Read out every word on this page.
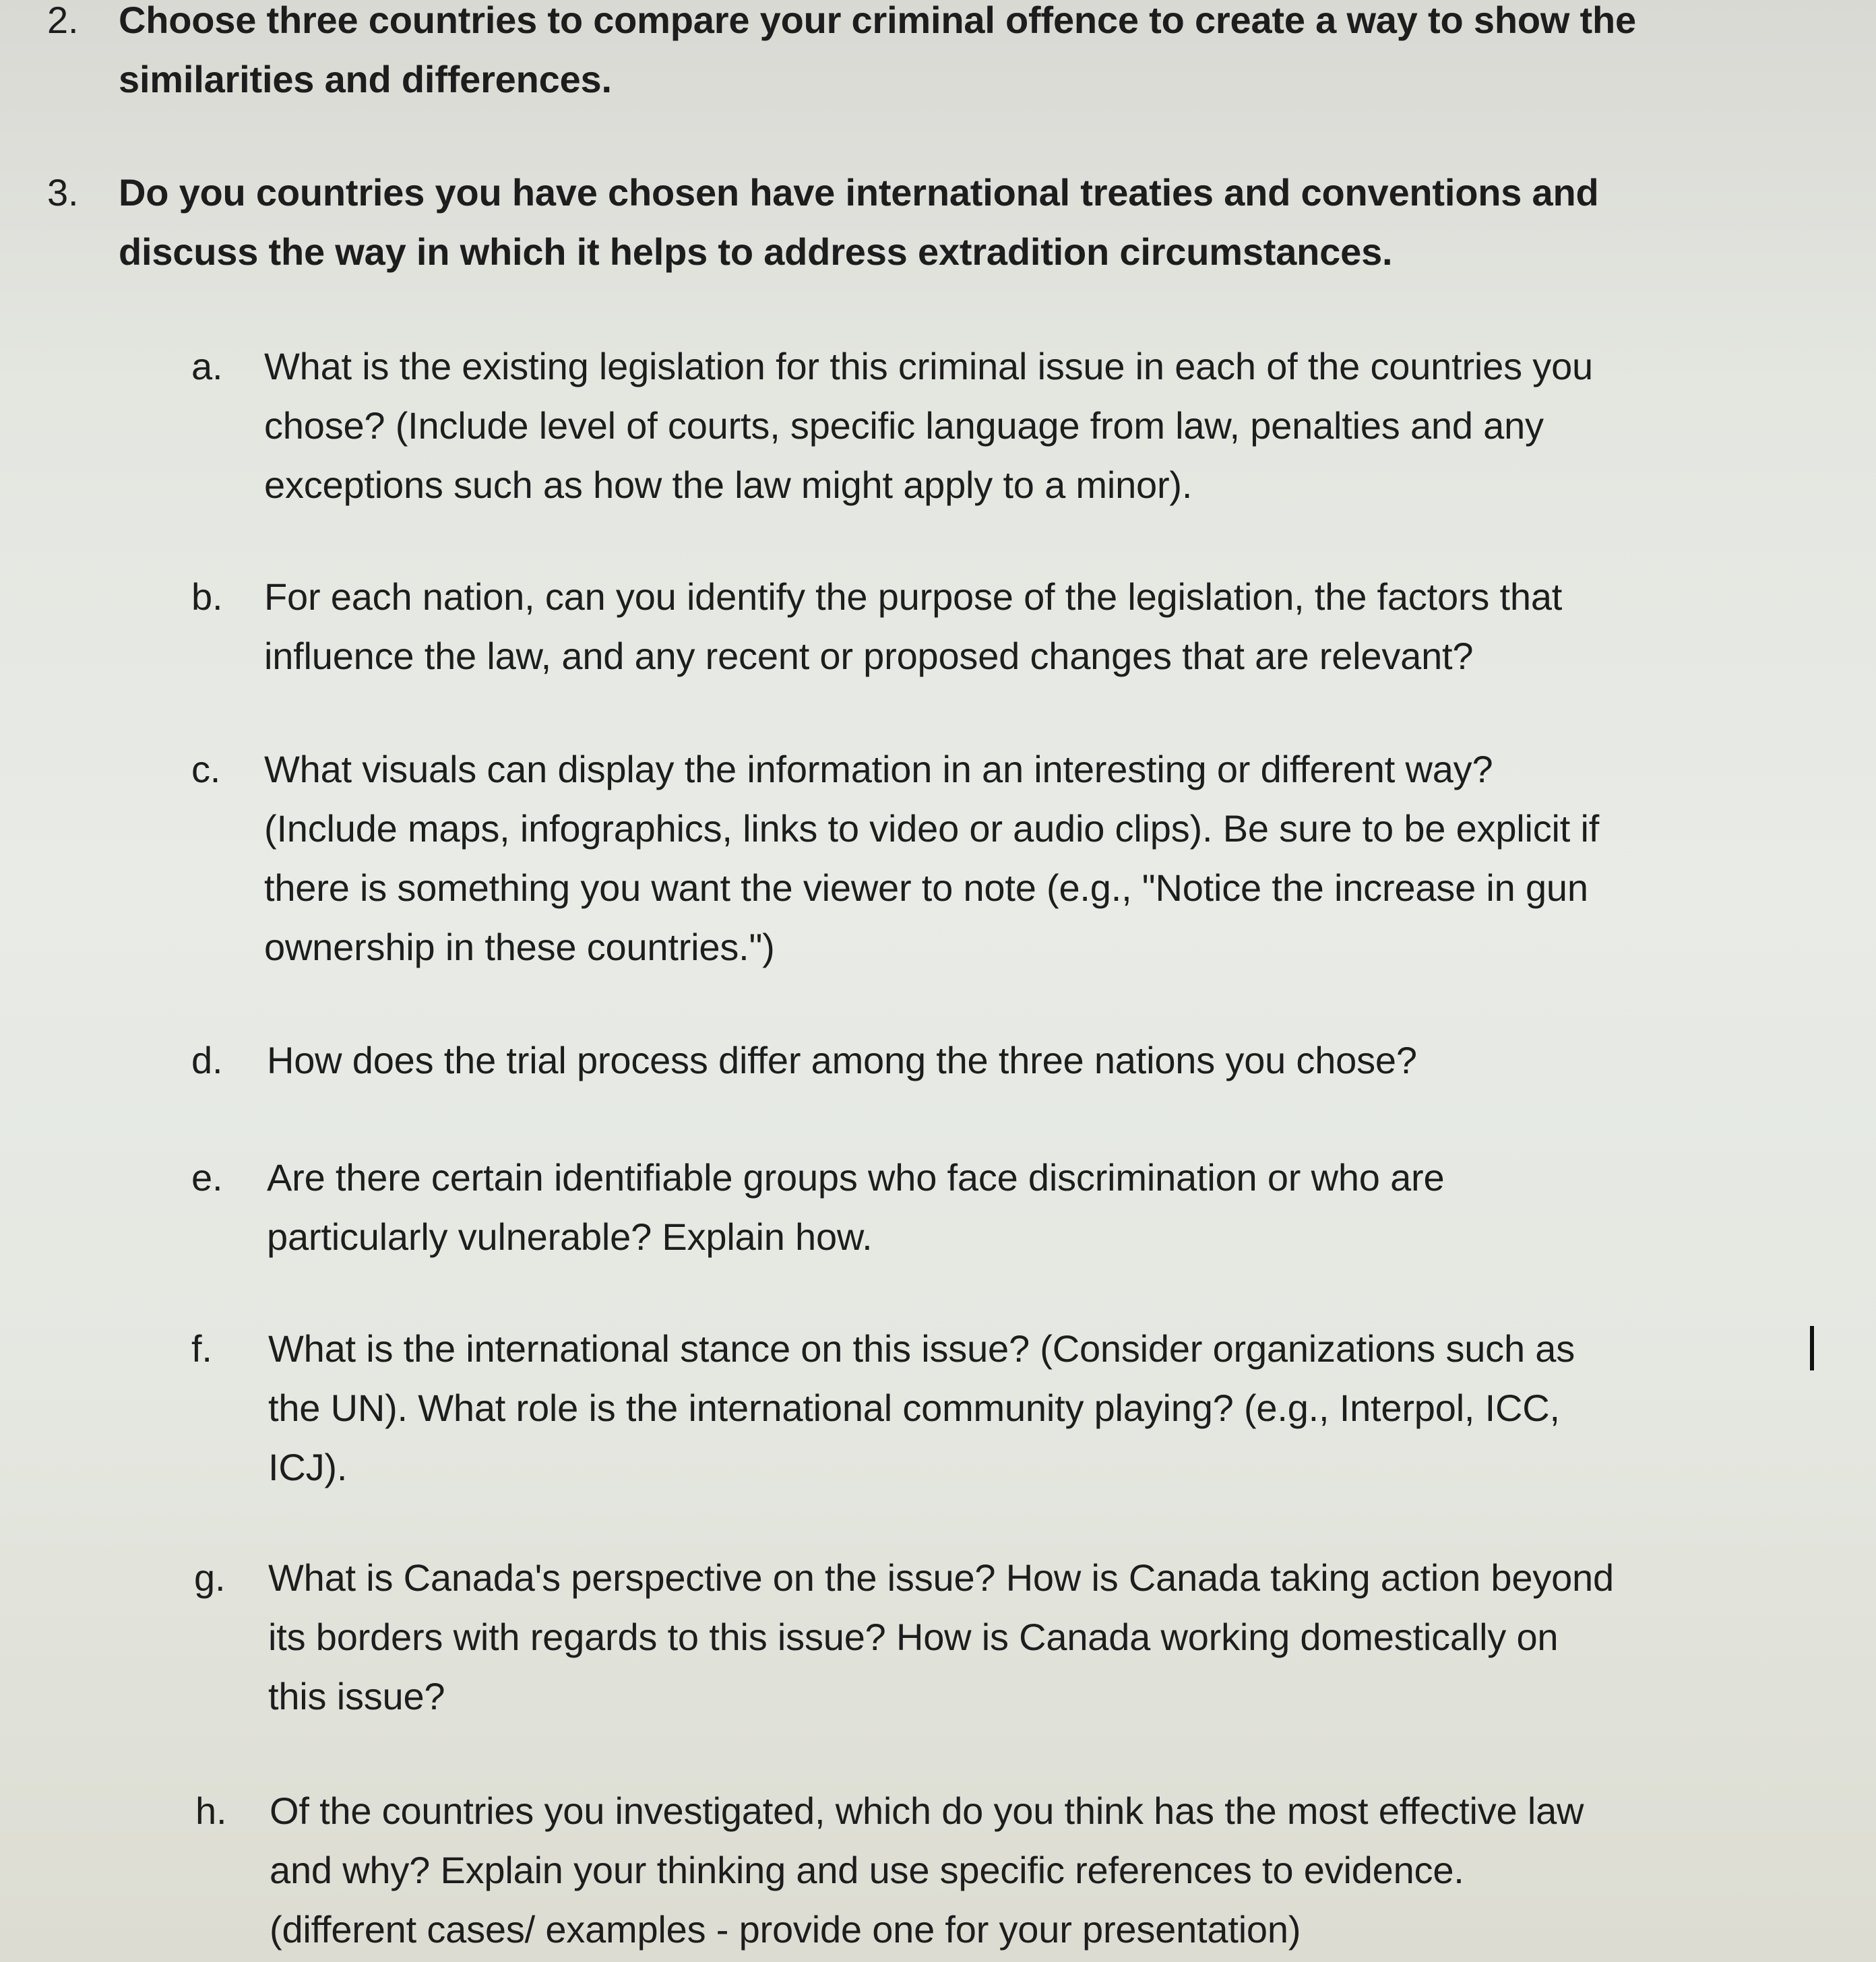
2. Choose three countries to compare your criminal offence to create a way to show the
similarities and differences.
3. Do you countries you have chosen have international treaties and conventions and
discuss the way in which it helps to address extradition circumstances.
a. What is the existing legislation for this criminal issue in each of the countries you
chose? (Include level of courts, specific language from law, penalties and any
exceptions such as how the law might apply to a minor).
b. For each nation, can you identify the purpose of the legislation, the factors that
influence the law, and any recent or proposed changes that are relevant?
c. What visuals can display the information in an interesting or different way?
(Include maps, infographics, links to video or audio clips). Be sure to be explicit if
there is something you want the viewer to note (e.g., "Notice the increase in gun
ownership in these countries.")
d. How does the trial process differ among the three nations you chose?
e. Are there certain identifiable groups who face discrimination or who are
particularly vulnerable? Explain how.
f. What is the international stance on this issue? (Consider organizations such as
the UN). What role is the international community playing? (e.g., Interpol, ICC,
ICJ).
g. What is Canada's perspective on the issue? How is Canada taking action beyond
its borders with regards to this issue? How is Canada working domestically on
this issue?
h. Of the countries you investigated, which do you think has the most effective law
and why? Explain your thinking and use specific references to evidence.
(different cases/ examples - provide one for your presentation)
